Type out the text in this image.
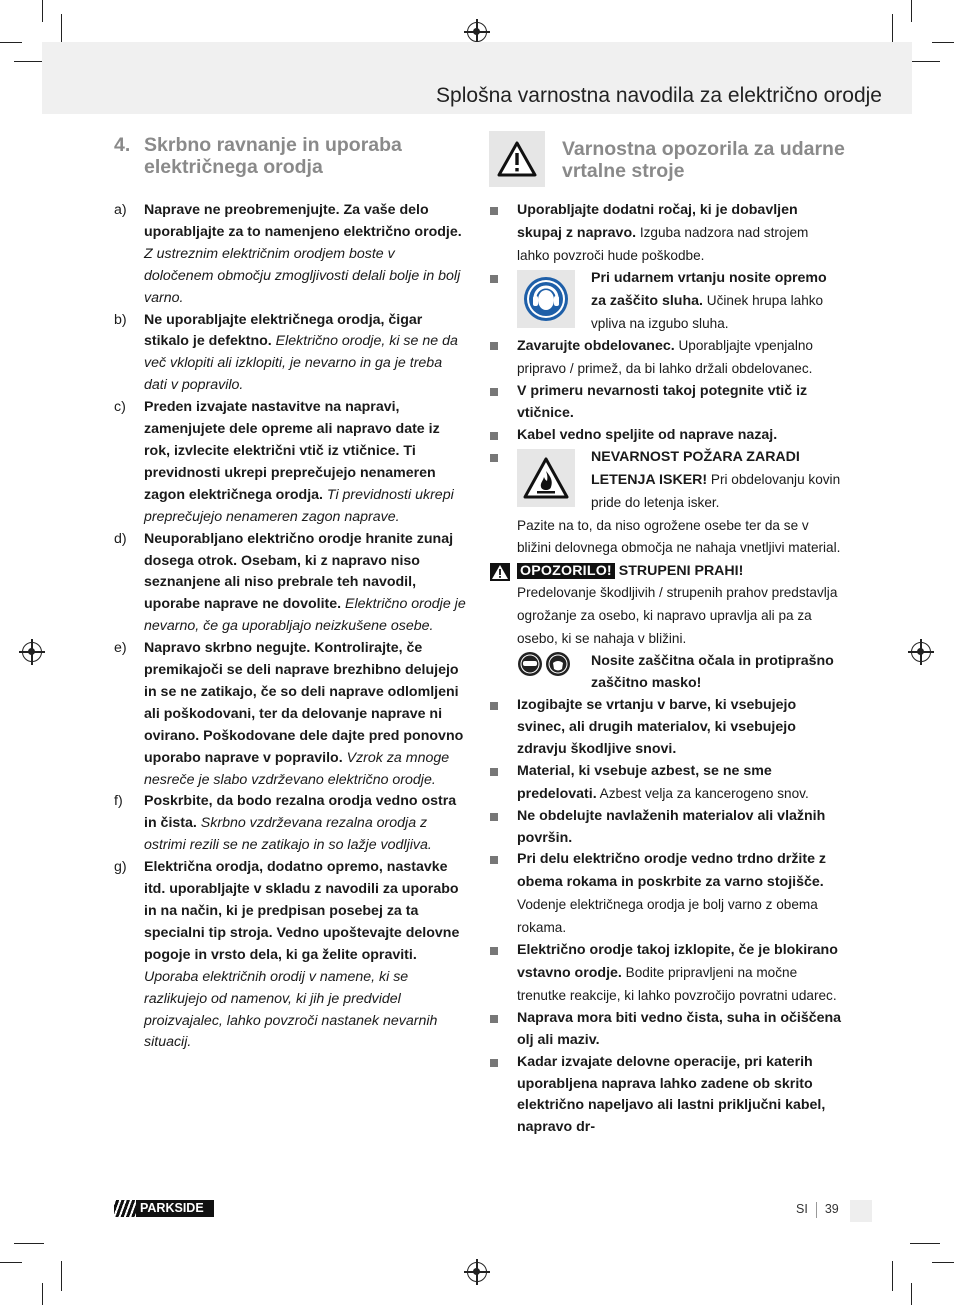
Splošna varnostna navodila za električno orodje
4. Skrbno ravnanje in uporaba električnega orodja
Varnostna opozorila za udarne vrtalne stroje

a) Naprave ne preobremenjujte. Za vaše delo uporabljajte za to namenjeno električno orodje. Z ustreznim električnim orodjem boste v določenem območju zmogljivosti delali bolje in bolj varno.

b) Ne uporabljajte električnega orodja, čigar stikalo je defektno. Električno orodje, ki se ne da več vklopiti ali izklopiti, je nevarno in ga je treba dati v popravilo.

c) Preden izvajate nastavitve na napravi, zamenjujete dele opreme ali napravo date iz rok, izvlecite električni vtič iz vtičnice. Ti previdnosti ukrepi preprečujejo nenameren zagon električnega orodja. Ti previdnosti ukrepi preprečujejo nenameren zagon naprave.

d) Neuporabljano električno orodje hranite zunaj dosega otrok. Osebam, ki z napravo niso seznanjene ali niso prebrale teh navodil, uporabe naprave ne dovolite. Električno orodje je nevarno, če ga uporabljajo neizkušene osebe.

e) Napravo skrbno negujte. Kontrolirajte, če premikajoči se deli naprave brezhibno delujejo in se ne zatikajo, če so deli naprave odlomljeni ali poškodovani, ter da delovanje naprave ni ovirano. Poškodovane dele dajte pred ponovno uporabo naprave v popravilo. Vzrok za mnoge nesreče je slabo vzdrževano električno orodje.

f) Poskrbite, da bodo rezalna orodja vedno ostra in čista. Skrbno vzdrževana rezalna orodja z ostrimi rezili se ne zatikajo in so lažje vodljiva.

g) Električna orodja, dodatno opremo, nastavke itd. uporabljajte v skladu z navodili za uporabo in na način, ki je predpisan posebej za ta specialni tip stroja. Vedno upoštevajte delovne pogoje in vrsto dela, ki ga želite opraviti. Uporaba električnih orodij v namene, ki se razlikujejo od namenov, ki jih je predvidel proizvajalec, lahko povzroči nastanek nevarnih situacij.

Uporabljajte dodatni ročaj, ki je dobavljen skupaj z napravo. Izguba nadzora nad strojem lahko povzroči hude poškodbe.

Pri udarnem vrtanju nosite opremo za zaščito sluha. Učinek hrupa lahko vpliva na izgubo sluha.

Zavarujte obdelovanec. Uporabljajte vpenjalno pripravo / primež, da bi lahko držali obdelovanec.

V primeru nevarnosti takoj potegnite vtič iz vtičnice.

Kabel vedno speljite od naprave nazaj.

NEVARNOST POŽARA ZARADI LETENJA ISKER! Pri obdelovanju kovin pride do letenja isker.

Pazite na to, da niso ogrožene osebe ter da se v bližini delovnega območja ne nahaja vnetljivi material.

OPOZORILO! STRUPENI PRAHI!
Predelovanje škodljivih / strupenih prahov predstavlja ogrožanje za osebo, ki napravo upravlja ali pa za osebo, ki se nahaja v bližini.

Nosite zaščitna očala in protiprašno zaščitno masko!

Izogibajte se vrtanju v barve, ki vsebujejo svinec, ali drugih materialov, ki vsebujejo zdravju škodljive snovi.

Material, ki vsebuje azbest, se ne sme predelovati. Azbest velja za kancerogeno snov.

Ne obdelujte navlaženih materialov ali vlažnih površin.

Pri delu električno orodje vedno trdno držite z obema rokama in poskrbite za varno stojišče. Vodenje električnega orodja je bolj varno z obema rokama.

Električno orodje takoj izklopite, če je blokirano vstavno orodje. Bodite pripravljeni na močne trenutke reakcije, ki lahko povzročijo povratni udarec.

Naprava mora biti vedno čista, suha in očiščena olj ali maziv.

Kadar izvajate delovne operacije, pri katerih uporabljena naprava lahko zadene ob skrito električno napeljavo ali lastni priključni kabel, napravo dr-

PARKSIDE	SI 39
